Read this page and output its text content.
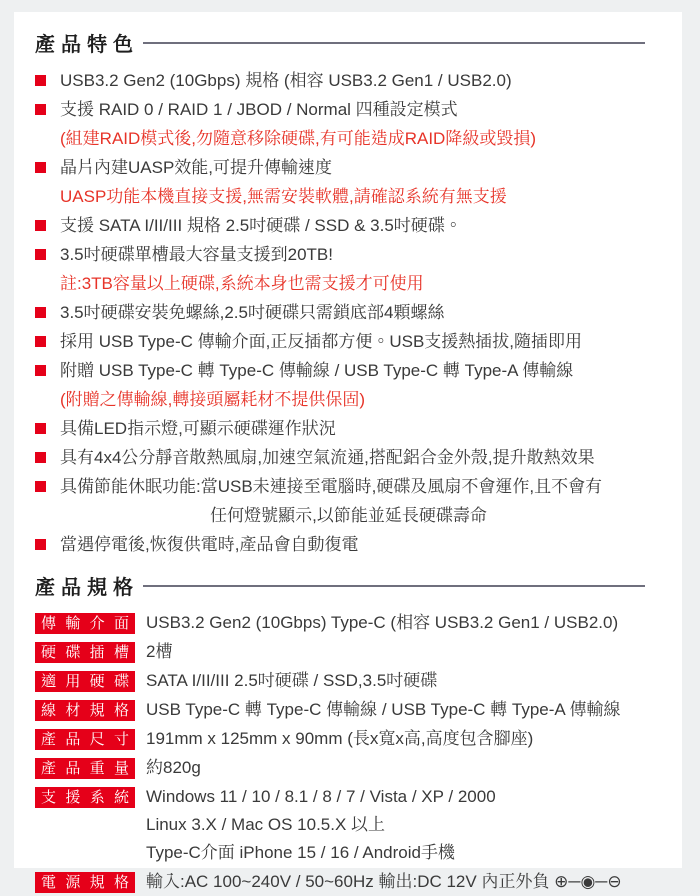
產品特色
USB3.2 Gen2 (10Gbps) 規格 (相容 USB3.2 Gen1 / USB2.0)
支援 RAID 0 / RAID 1 / JBOD / Normal 四種設定模式
(組建RAID模式後,勿隨意移除硬碟,有可能造成RAID降級或毀損)
晶片內建UASP效能,可提升傳輸速度
UASP功能本機直接支援,無需安裝軟體,請確認系統有無支援
支援 SATA I/II/III 規格 2.5吋硬碟 / SSD & 3.5吋硬碟。
3.5吋硬碟單槽最大容量支援到20TB!
註:3TB容量以上硬碟,系統本身也需支援才可使用
3.5吋硬碟安裝免螺絲,2.5吋硬碟只需鎖底部4顆螺絲
採用 USB Type-C 傳輸介面,正反插都方便。USB支援熱插拔,隨插即用
附贈 USB Type-C 轉 Type-C 傳輸線 / USB Type-C 轉 Type-A 傳輸線
(附贈之傳輸線,轉接頭屬耗材不提供保固)
具備LED指示燈,可顯示硬碟運作狀況
具有4x4公分靜音散熱風扇,加速空氣流通,搭配鋁合金外殼,提升散熱效果
具備節能休眠功能:當USB未連接至電腦時,硬碟及風扇不會運作,且不會有
任何燈號顯示,以節能並延長硬碟壽命
當遇停電後,恢復供電時,產品會自動復電
產品規格
傳輸介面	USB3.2 Gen2 (10Gbps) Type-C (相容 USB3.2 Gen1 / USB2.0)
硬碟插槽	2槽
適用硬碟	SATA I/II/III 2.5吋硬碟 / SSD,3.5吋硬碟
線材規格	USB Type-C 轉 Type-C 傳輸線 / USB Type-C 轉 Type-A 傳輸線
產品尺寸	191mm x 125mm x 90mm (長x寬x高,高度包含腳座)
產品重量	約820g
支援系統	Windows 11 / 10 / 8.1 / 8 / 7 / Vista / XP / 2000
Linux 3.X / Mac OS 10.5.X 以上
Type-C介面 iPhone 15 / 16 / Android手機
電源規格	輸入:AC 100~240V / 50~60Hz 輸出:DC 12V 內正外負 ⊕─◉─⊖
